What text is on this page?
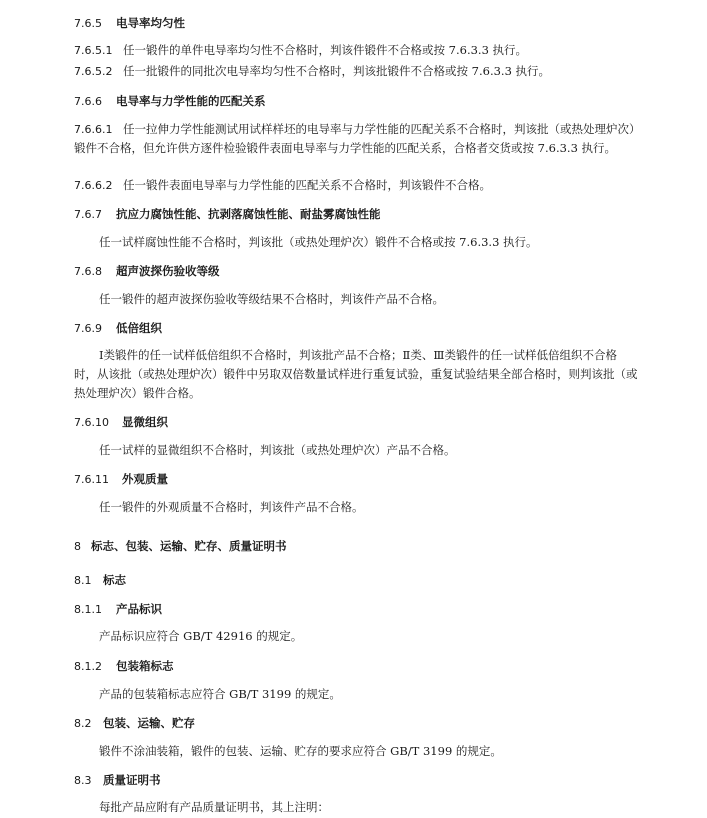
7.6.5 电导率均匀性
7.6.5.1 任一锻件的单件电导率均匀性不合格时，判该件锻件不合格或按 7.6.3.3 执行。
7.6.5.2 任一批锻件的同批次电导率均匀性不合格时，判该批锻件不合格或按 7.6.3.3 执行。
7.6.6 电导率与力学性能的匹配关系
7.6.6.1 任一拉伸力学性能测试用试样样坯的电导率与力学性能的匹配关系不合格时，判该批（或热处理炉次）锻件不合格，但允许供方逐件检验锻件表面电导率与力学性能的匹配关系，合格者交货或按 7.6.3.3 执行。
7.6.6.2 任一锻件表面电导率与力学性能的匹配关系不合格时，判该锻件不合格。
7.6.7 抗应力腐蚀性能、抗剥落腐蚀性能、耐盐雾腐蚀性能
任一试样腐蚀性能不合格时，判该批（或热处理炉次）锻件不合格或按 7.6.3.3 执行。
7.6.8 超声波探伤验收等级
任一锻件的超声波探伤验收等级结果不合格时，判该件产品不合格。
7.6.9 低倍组织
Ⅰ类锻件的任一试样低倍组织不合格时，判该批产品不合格；Ⅱ类、Ⅲ类锻件的任一试样低倍组织不合格时，从该批（或热处理炉次）锻件中另取双倍数量试样进行重复试验，重复试验结果全部合格时，则判该批（或热处理炉次）锻件合格。
7.6.10 显微组织
任一试样的显微组织不合格时，判该批（或热处理炉次）产品不合格。
7.6.11 外观质量
任一锻件的外观质量不合格时，判该件产品不合格。
8 标志、包装、运输、贮存、质量证明书
8.1 标志
8.1.1 产品标识
产品标识应符合 GB/T 42916 的规定。
8.1.2 包装箱标志
产品的包装箱标志应符合 GB/T 3199 的规定。
8.2 包装、运输、贮存
锻件不涂油装箱，锻件的包装、运输、贮存的要求应符合 GB/T 3199 的规定。
8.3 质量证明书
每批产品应附有产品质量证明书，其上注明：
